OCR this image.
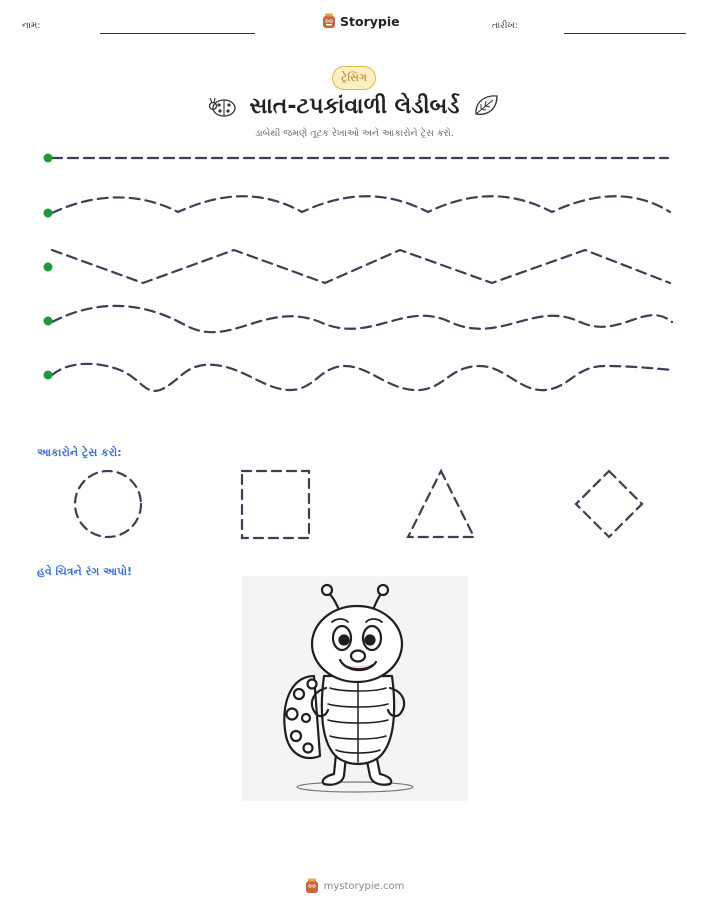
નામ:	Storypie	તારીખ:
ટ્રેસિંગ
સાત-ટપકાંવાળી લેડીબર્ડ
ડાબેથી જમણે તૂટક રેખાઓ અને આકારોને ટ્રેસ કરો.
આકારોને ટ્રેસ કરો:
હવે ચિત્રને રંગ આપો!
mystorypie.com
